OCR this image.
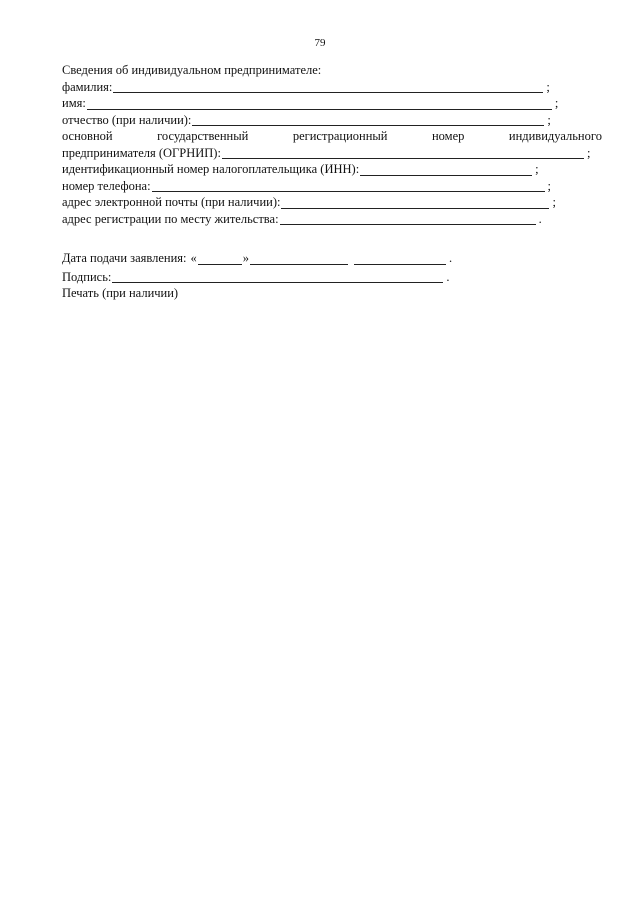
79
Сведения об индивидуальном предпринимателе:
фамилия:	;
имя:	;
отчество (при наличии):	;
основной	государственный	регистрационный	номер	индивидуального
предпринимателя (ОГРНИП):	;
идентификационный номер налогоплательщика (ИНН):	;
номер телефона:	;
адрес электронной почты (при наличии):	;
адрес регистрации по месту жительства:	.
Дата подачи заявления: «	»	.
Подпись:	.
Печать (при наличии)
